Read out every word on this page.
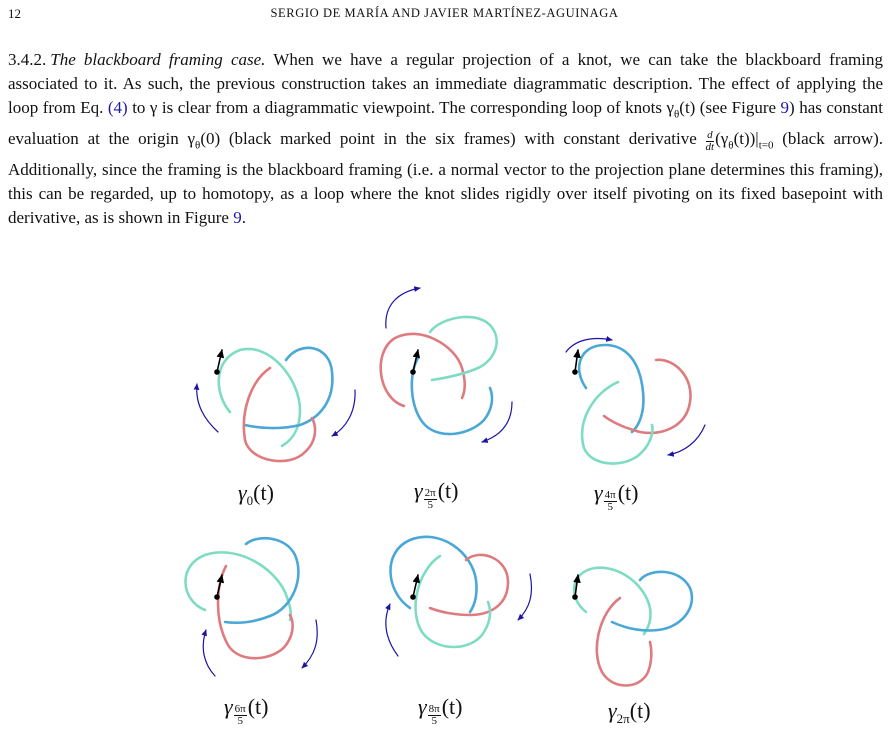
12	SERGIO DE MARÍA AND JAVIER MARTÍNEZ-AGUINAGA
3.4.2. The blackboard framing case. When we have a regular projection of a knot, we can take the blackboard framing associated to it. As such, the previous construction takes an immediate diagrammatic description. The effect of applying the loop from Eq. (4) to γ is clear from a diagrammatic viewpoint. The corresponding loop of knots $\gamma_\theta(t)$ (see Figure 9) has constant evaluation at the origin $\gamma_\theta(0)$ (black marked point in the six frames) with constant derivative $\frac{d}{dt} (\gamma_\theta(t))|_{t=0}$ (black arrow). Additionally, since the framing is the blackboard framing (i.e. a normal vector to the projection plane determines this framing), this can be regarded, up to homotopy, as a loop where the knot slides rigidly over itself pivoting on its fixed basepoint with derivative, as is shown in Figure 9.
$\gamma_0(t)$	γ $\frac{2\pi}{5} (t)$	γ $\frac{4\pi}{5} (t)$
γ $\frac{6\pi}{5} (t)$	γ $\frac{8\pi}{5} (t)$	$\gamma_{2\pi}(t)$
